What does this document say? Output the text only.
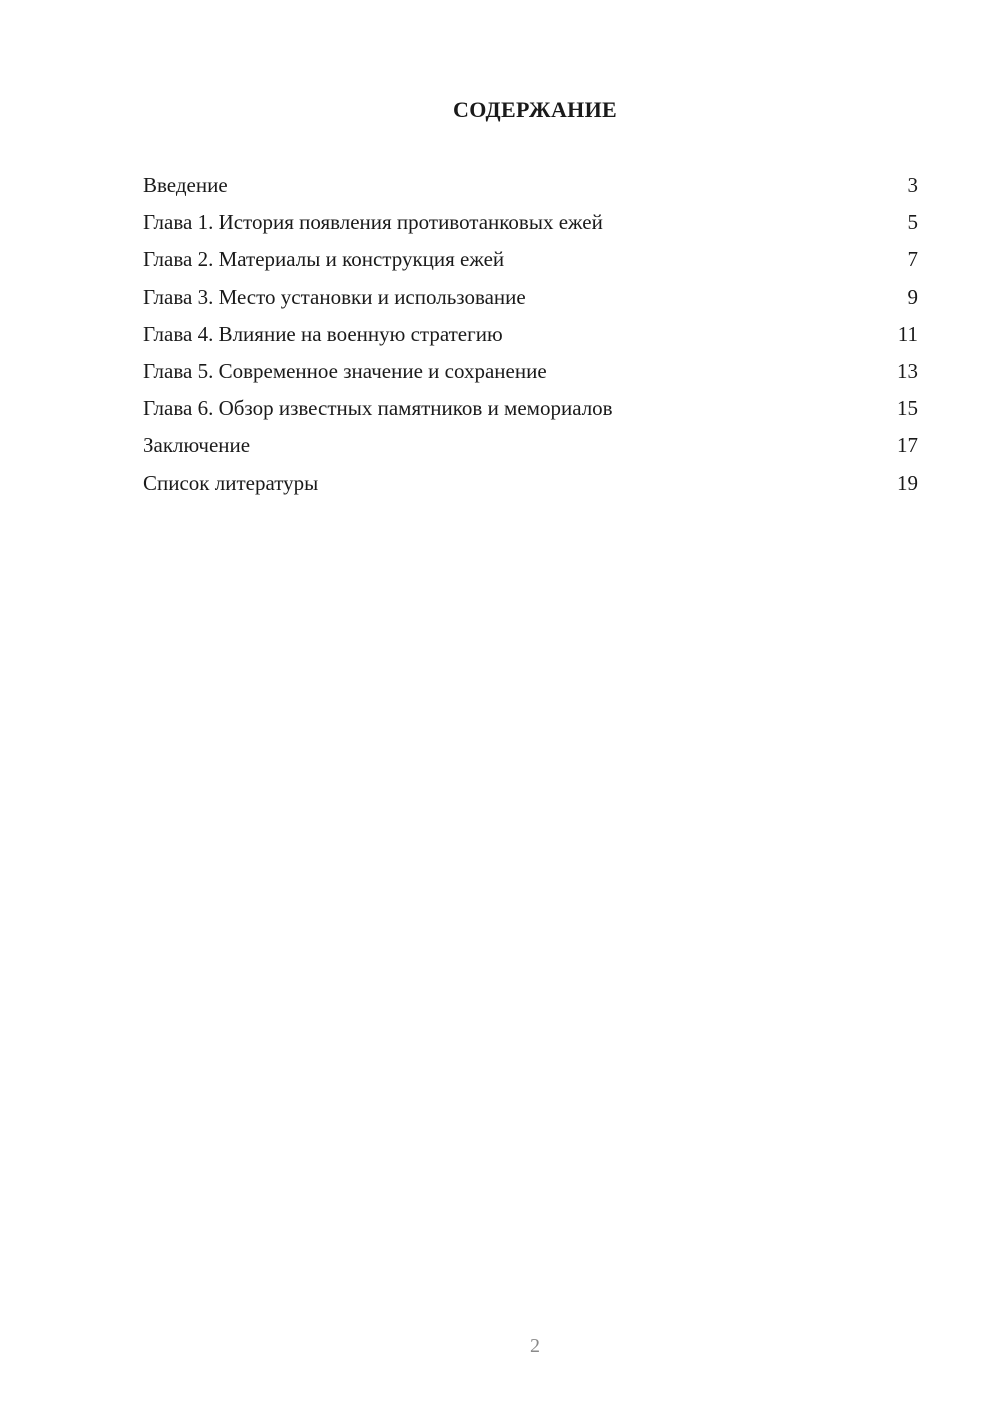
СОДЕРЖАНИЕ
Введение	3
Глава 1. История появления противотанковых ежей	5
Глава 2. Материалы и конструкция ежей	7
Глава 3. Место установки и использование	9
Глава 4. Влияние на военную стратегию	11
Глава 5. Современное значение и сохранение	13
Глава 6. Обзор известных памятников и мемориалов	15
Заключение	17
Список литературы	19
2
